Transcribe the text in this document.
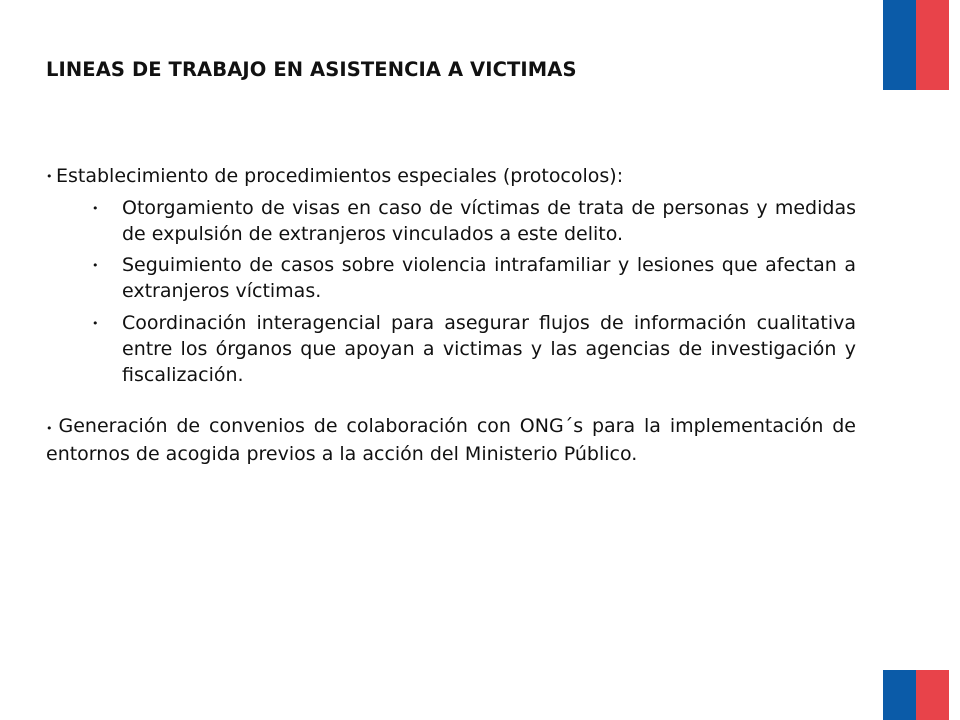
LINEAS DE TRABAJO EN ASISTENCIA A VICTIMAS
• Establecimiento de procedimientos especiales (protocolos):
• Otorgamiento de visas en caso de víctimas de trata de personas y medidas de expulsión de extranjeros vinculados a este delito.
• Seguimiento de casos sobre violencia intrafamiliar y lesiones que afectan a extranjeros víctimas.
• Coordinación interagencial para asegurar flujos de información cualitativa entre los órganos que apoyan a victimas y las agencias de investigación y fiscalización.
• Generación de convenios de colaboración con ONG´s para la implementación de entornos de acogida previos a la acción del Ministerio Público.
